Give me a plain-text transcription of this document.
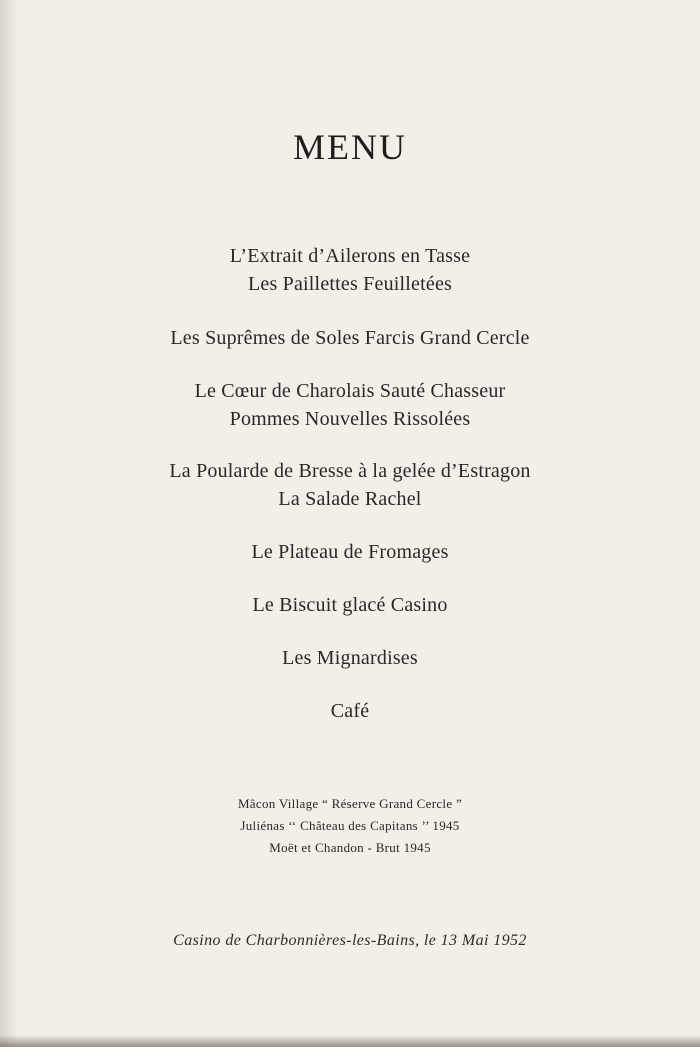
MENU
L’Extrait d’Ailerons en Tasse
Les Paillettes Feuilletées
Les Suprêmes de Soles Farcis Grand Cercle
Le Cœur de Charolais Sauté Chasseur
Pommes Nouvelles Rissolées
La Poularde de Bresse à la gelée d’Estragon
La Salade Rachel
Le Plateau de Fromages
Le Biscuit glacé Casino
Les Mignardises
Café
Mâcon Village “ Réserve Grand Cercle ”
Juliénas ‘‘ Château des Capitans ’’ 1945
Moët et Chandon - Brut 1945
Casino de Charbonnières-les-Bains, le 13 Mai 1952
